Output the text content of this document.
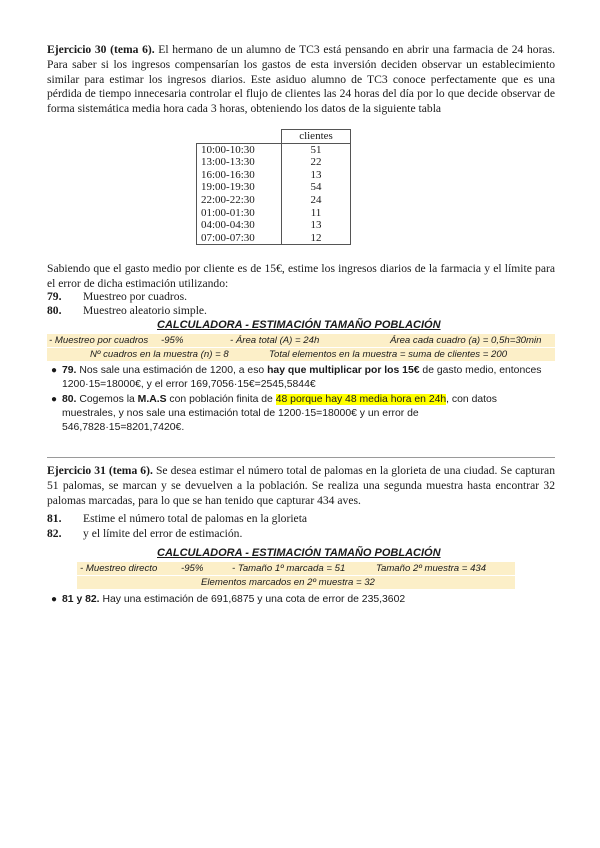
Ejercicio 30 (tema 6). El hermano de un alumno de TC3 está pensando en abrir una farmacia de 24 horas. Para saber si los ingresos compensarían los gastos de esta inversión deciden observar un establecimiento similar para estimar los ingresos diarios. Este asiduo alumno de TC3 conoce perfectamente que es una pérdida de tiempo innecesaria controlar el flujo de clientes las 24 horas del día por lo que decide observar de forma sistemática media hora cada 3 horas, obteniendo los datos de la siguiente tabla

	clientes
10:00-10:30	51
13:00-13:30	22
16:00-16:30	13
19:00-19:30	54
22:00-22:30	24
01:00-01:30	11
04:00-04:30	13
07:00-07:30	12

Sabiendo que el gasto medio por cliente es de 15€, estime los ingresos diarios de la farmacia y el límite para el error de dicha estimación utilizando:

79. Muestreo por cuadros.
80. Muestreo aleatorio simple.
CALCULADORA - ESTIMACIÓN TAMAÑO POBLACIÓN
- Muestreo por cuadros -95%	- Área total (A) = 24h	Área cada cuadro (a) = 0,5h=30min
Nº cuadros en la muestra (n) = 8	Total elementos en la muestra = suma de clientes = 200
● 79. Nos sale una estimación de 1200, a eso hay que multiplicar por los 15€ de gasto medio, entonces 1200·15=18000€, y el error 169,7056·15€=2545,5844€
● 80. Cogemos la M.A.S con población finita de 48 porque hay 48 media hora en 24h, con datos muestrales, y nos sale una estimación total de 1200·15=18000€ y un error de 546,7828·15=8201,7420€.

Ejercicio 31 (tema 6). Se desea estimar el número total de palomas en la glorieta de una ciudad. Se capturan 51 palomas, se marcan y se devuelven a la población. Se realiza una segunda muestra hasta encontrar 32 palomas marcadas, para lo que se han tenido que capturar 434 aves.

81. Estime el número total de palomas en la glorieta
82. y el límite del error de estimación.
CALCULADORA - ESTIMACIÓN TAMAÑO POBLACIÓN
- Muestreo directo -95%	- Tamaño 1º marcada = 51	Tamaño 2º muestra = 434
Elementos marcados en 2º muestra = 32
● 81 y 82. Hay una estimación de 691,6875 y una cota de error de 235,3602
